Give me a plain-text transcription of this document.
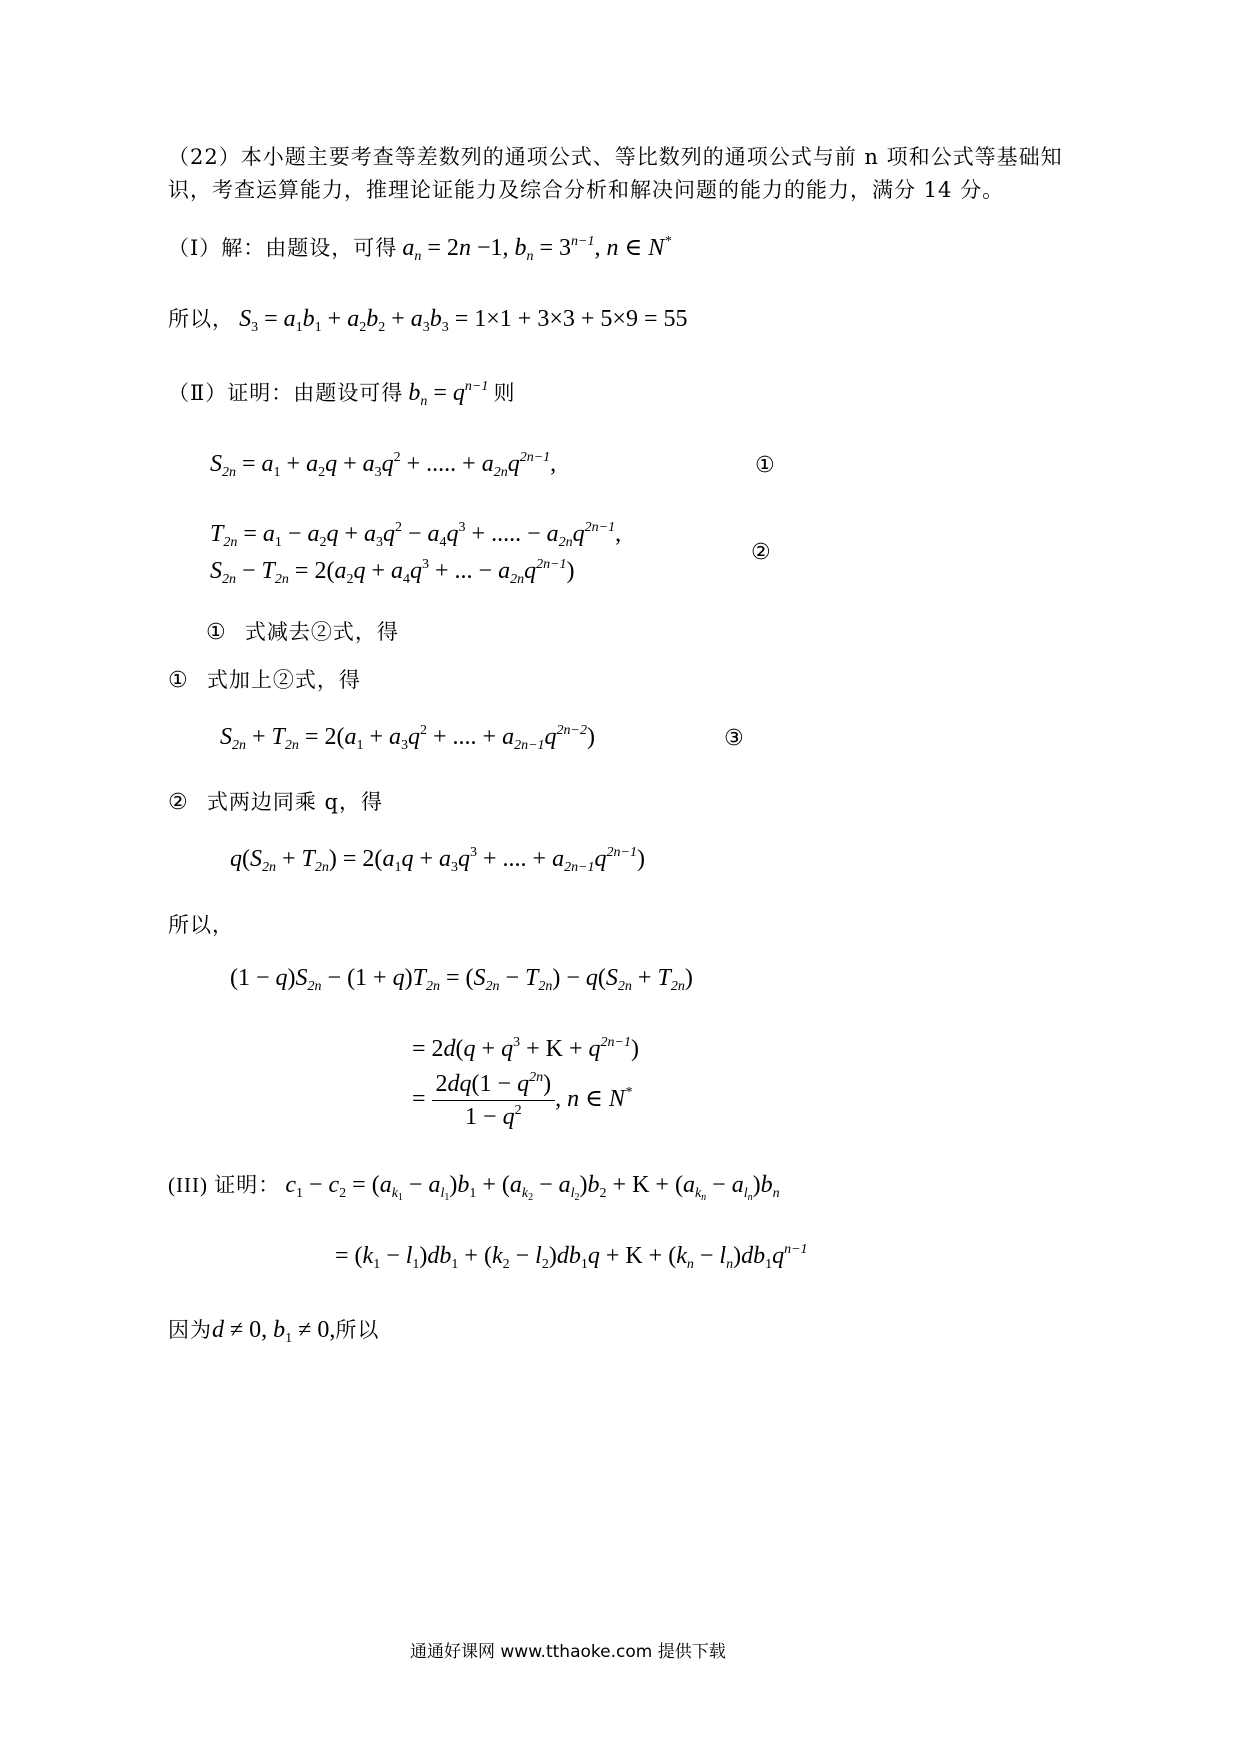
（22）本小题主要考查等差数列的通项公式、等比数列的通项公式与前 n 项和公式等基础知
识，考查运算能力，推理论证能力及综合分析和解决问题的能力的能力，满分 14 分。
（Ⅰ）解：由题设，可得 $a_n = 2n -1$, $b_n = 3^{n-1}$, n ∈ N*
所以， $S_3 = a_1b_1 + a_2b_2 + a_3b_3 = 1\times 1 + 3\times 3 + 5\times 9 = 55$
（Ⅱ）证明：由题设可得 $b_n = q^{n-1}$ 则
$S_{2n} = a_1 + a_2q + a_3q^2$ + ..... + $a_{2n}q^{2n-1}$,	①
$T_{2n} = a_1 - a_2q + a_3q^2 - a_4q^3$ + ..... − $a_{2n}q^{2n-1}$,
②
$S_{2n} - T_{2n} = 2(a_2q + a_4q^3$ + ... − $a_{2n}q^{2n-1}$)
① 式减去②式，得
① 式加上②式，得
$S_{2n} + T_{2n} = 2(a_1 + a_3q^2$ + .... + $a_{2n-1}q^{2n-2}$)	③
② 式两边同乘 q，得
$q(S_{2n} + T_{2n}) = 2(a_1q + a_3q^3$ + .... + $a_{2n-1}q^{2n-1}$)
所以，
$(1 - q)S_{2n} - (1 + q)T_{2n} = (S_{2n} - T_{2n}) - q(S_{2n} + T_{2n})$
= $2d(q + q^3 + K + q^{2n-1})$
= $\frac{2dq(1 - q^{2n})}{1 - q^2}$ , n ∈ N*
(III) 证明： $c_1 - c_2 = (a_{k_1} - a_{l_1})b_1 + (a_{k_2} - a_{l_2})b_2 + K + (a_{k_n} - a_{l_n})b_n$
= $(k_1 - l_1)db_1 + (k_2 - l_2)db_1q + K + (k_n - l_n)db_1q^{n-1}$
因为d ≠ 0, $b_1 \ne 0$,所以
通通好课网 www.tthaoke.com 提供下载
